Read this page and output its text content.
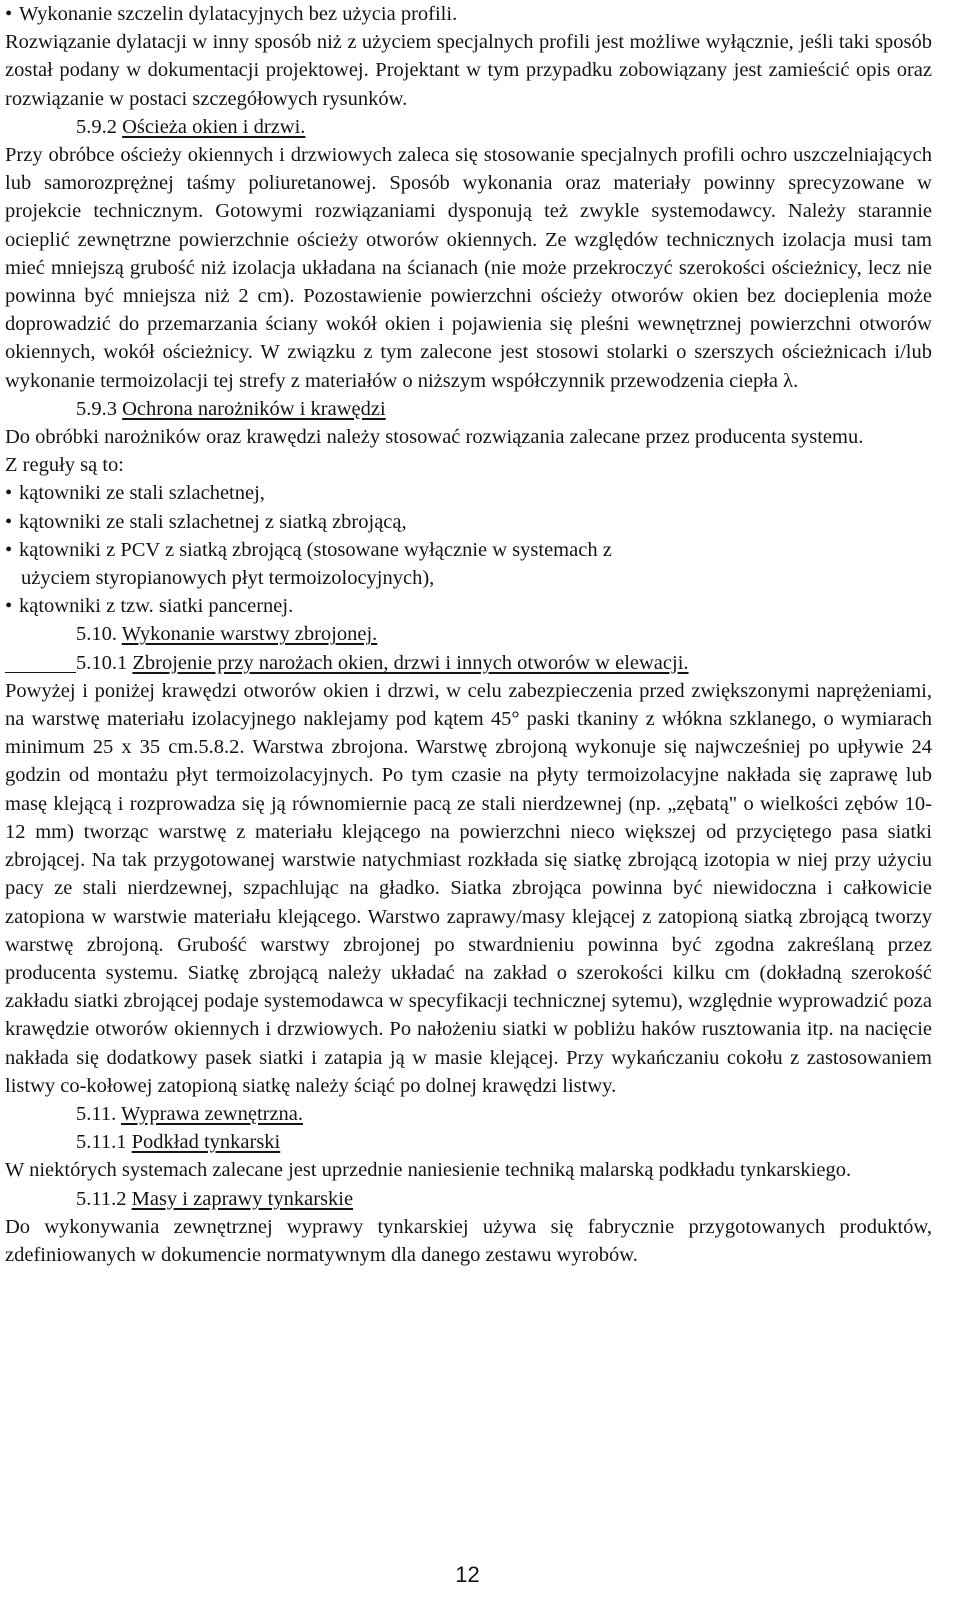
• Wykonanie szczelin dylatacyjnych bez użycia profili.

Rozwiązanie dylatacji w inny sposób niż z użyciem specjalnych profili jest możliwe wyłącznie, jeśli taki sposób został podany w dokumentacji projektowej. Projektant w tym przypadku zobowiązany jest zamieścić opis oraz rozwiązanie w postaci szczegółowych rysunków.

5.9.2 Ościeża okien i drzwi.

Przy obróbce ościeży okiennych i drzwiowych zaleca się stosowanie specjalnych profili ochro uszczelniających lub samorozprężnej taśmy poliuretanowej. Sposób wykonania oraz materiały powinny sprecyzowane w projekcie technicznym. Gotowymi rozwiązaniami dysponują też zwykle systemodawcy. Należy starannie ocieplić zewnętrzne powierzchnie ościeży otworów okiennych. Ze względów technicznych izolacja musi tam mieć mniejszą grubość niż izolacja układana na ścianach (nie może przekroczyć szerokości ościeżnicy, lecz nie powinna być mniejsza niż 2 cm). Pozostawienie powierzchni ościeży otworów okien bez docieplenia może doprowadzić do przemarzania ściany wokół okien i pojawienia się pleśni wewnętrznej powierzchni otworów okiennych, wokół ościeżnicy. W związku z tym zalecone jest stosowi stolarki o szerszych ościeżnicach i/lub wykonanie termoizolacji tej strefy z materiałów o niższym współczynnik przewodzenia ciepła λ.

5.9.3 Ochrona narożników i krawędzi

Do obróbki narożników oraz krawędzi należy stosować rozwiązania zalecane przez producenta systemu.

Z reguły są to:

• kątowniki ze stali szlachetnej,

• kątowniki ze stali szlachetnej z siatką zbrojącą,

• kątowniki z PCV z siatką zbrojącą (stosowane wyłącznie w systemach z

użyciem styropianowych płyt termoizolocyjnych),

• kątowniki z tzw. siatki pancernej.

5.10. Wykonanie warstwy zbrojonej.

5.10.1 Zbrojenie przy narożach okien, drzwi i innych otworów w elewacji.

Powyżej i poniżej krawędzi otworów okien i drzwi, w celu zabezpieczenia przed zwiększonymi naprężeniami, na warstwę materiału izolacyjnego naklejamy pod kątem 45° paski tkaniny z włókna szklanego, o wymiarach minimum 25 x 35 cm.5.8.2. Warstwa zbrojona. Warstwę zbrojoną wykonuje się najwcześniej po upływie 24 godzin od montażu płyt termoizolacyjnych. Po tym czasie na płyty termoizolacyjne nakłada się zaprawę lub masę klejącą i rozprowadza się ją równomiernie pacą ze stali nierdzewnej (np. „zębatą" o wielkości zębów 10-12 mm) tworząc warstwę z materiału klejącego na powierzchni nieco większej od przyciętego pasa siatki zbrojącej. Na tak przygotowanej warstwie natychmiast rozkłada się siatkę zbrojącą izotopia w niej przy użyciu pacy ze stali nierdzewnej, szpachlując na gładko. Siatka zbrojąca powinna być niewidoczna i całkowicie zatopiona w warstwie materiału klejącego. Warstwo zaprawy/masy klejącej z zatopioną siatką zbrojącą tworzy warstwę zbrojoną. Grubość warstwy zbrojonej po stwardnieniu powinna być zgodna zakreślaną przez producenta systemu. Siatkę zbrojącą należy układać na zakład o szerokości kilku cm (dokładną szerokość zakładu siatki zbrojącej podaje systemodawca w specyfikacji technicznej sytemu), względnie wyprowadzić poza krawędzie otworów okiennych i drzwiowych. Po nałożeniu siatki w pobliżu haków rusztowania itp. na nacięcie nakłada się dodatkowy pasek siatki i zatapia ją w masie klejącej. Przy wykańczaniu cokołu z zastosowaniem listwy co-kołowej zatopioną siatkę należy ściąć po dolnej krawędzi listwy.

5.11. Wyprawa zewnętrzna.

5.11.1 Podkład tynkarski

W niektórych systemach zalecane jest uprzednie naniesienie techniką malarską podkładu tynkarskiego.

5.11.2 Masy i zaprawy tynkarskie

Do wykonywania zewnętrznej wyprawy tynkarskiej używa się fabrycznie przygotowanych produktów, zdefiniowanych w dokumencie normatywnym dla danego zestawu wyrobów.

12
